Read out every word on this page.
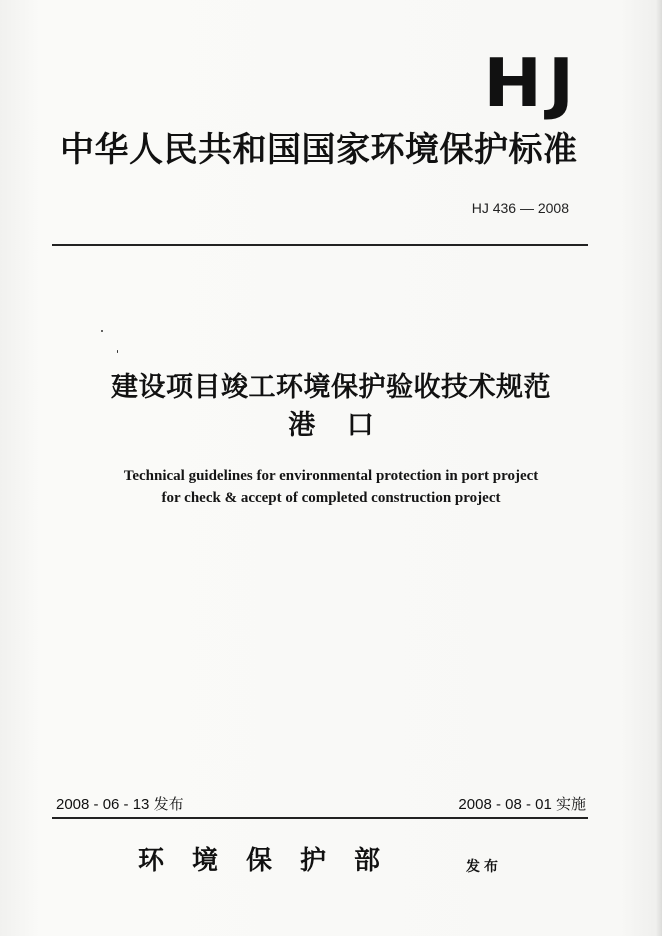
HJ
中华人民共和国国家环境保护标准
HJ 436 — 2008
建设项目竣工环境保护验收技术规范
港 口
Technical guidelines for environmental protection in port project
for check & accept of completed construction project
2008 - 06 - 13 发布	2008 - 08 - 01 实施
环境保护部	发布
